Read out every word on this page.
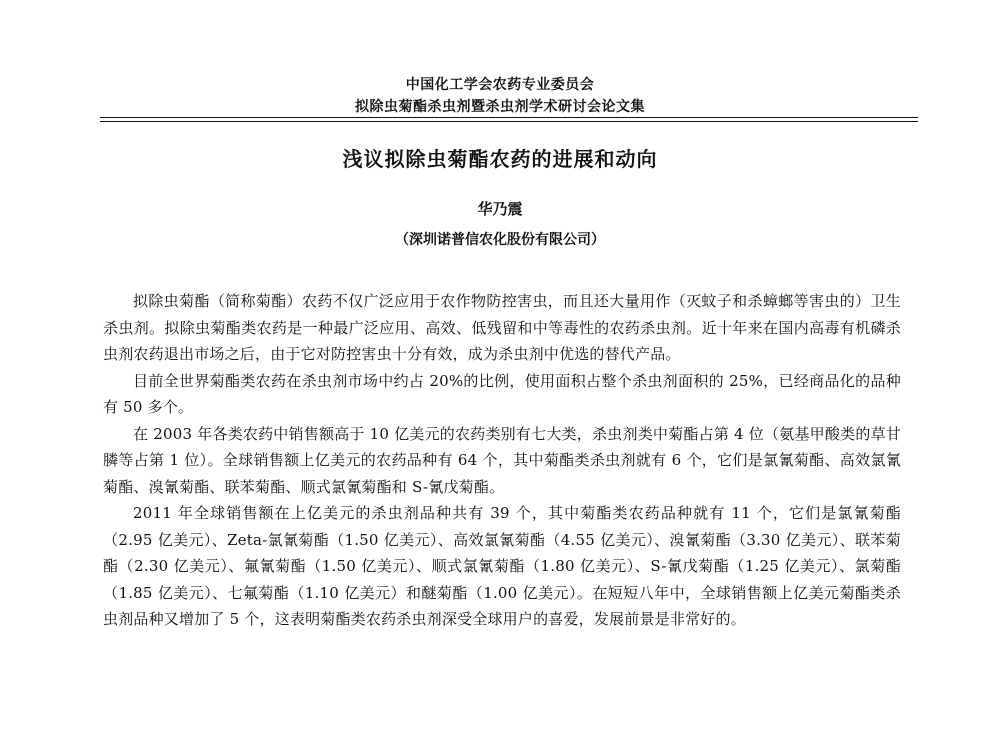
中国化工学会农药专业委员会
拟除虫菊酯杀虫剂暨杀虫剂学术研讨会论文集
浅议拟除虫菊酯农药的进展和动向
华乃震
（深圳诺普信农化股份有限公司）

拟除虫菊酯（简称菊酯）农药不仅广泛应用于农作物防控害虫，而且还大量用作（灭蚊子和杀蟑螂等害虫的）卫生杀虫剂。拟除虫菊酯类农药是一种最广泛应用、高效、低残留和中等毒性的农药杀虫剂。近十年来在国内高毒有机磷杀虫剂农药退出市场之后，由于它对防控害虫十分有效，成为杀虫剂中优选的替代产品。

目前全世界菊酯类农药在杀虫剂市场中约占 20%的比例，使用面积占整个杀虫剂面积的 25%，已经商品化的品种有 50 多个。

在 2003 年各类农药中销售额高于 10 亿美元的农药类别有七大类，杀虫剂类中菊酯占第 4 位（氨基甲酸类的草甘膦等占第 1 位）。全球销售额上亿美元的农药品种有 64 个，其中菊酯类杀虫剂就有 6 个，它们是氯氰菊酯、高效氯氰菊酯、溴氰菊酯、联苯菊酯、顺式氯氰菊酯和 S-氰戊菊酯。

2011 年全球销售额在上亿美元的杀虫剂品种共有 39 个，其中菊酯类农药品种就有 11 个，它们是氯氰菊酯（2.95 亿美元）、Zeta-氯氰菊酯（1.50 亿美元）、高效氯氰菊酯（4.55 亿美元）、溴氰菊酯（3.30 亿美元）、联苯菊酯（2.30 亿美元）、氟氰菊酯（1.50 亿美元）、顺式氯氰菊酯（1.80 亿美元）、S-氰戊菊酯（1.25 亿美元）、氯菊酯（1.85 亿美元）、七氟菊酯（1.10 亿美元）和醚菊酯（1.00 亿美元）。在短短八年中，全球销售额上亿美元菊酯类杀虫剂品种又增加了 5 个，这表明菊酯类农药杀虫剂深受全球用户的喜爱，发展前景是非常好的。
